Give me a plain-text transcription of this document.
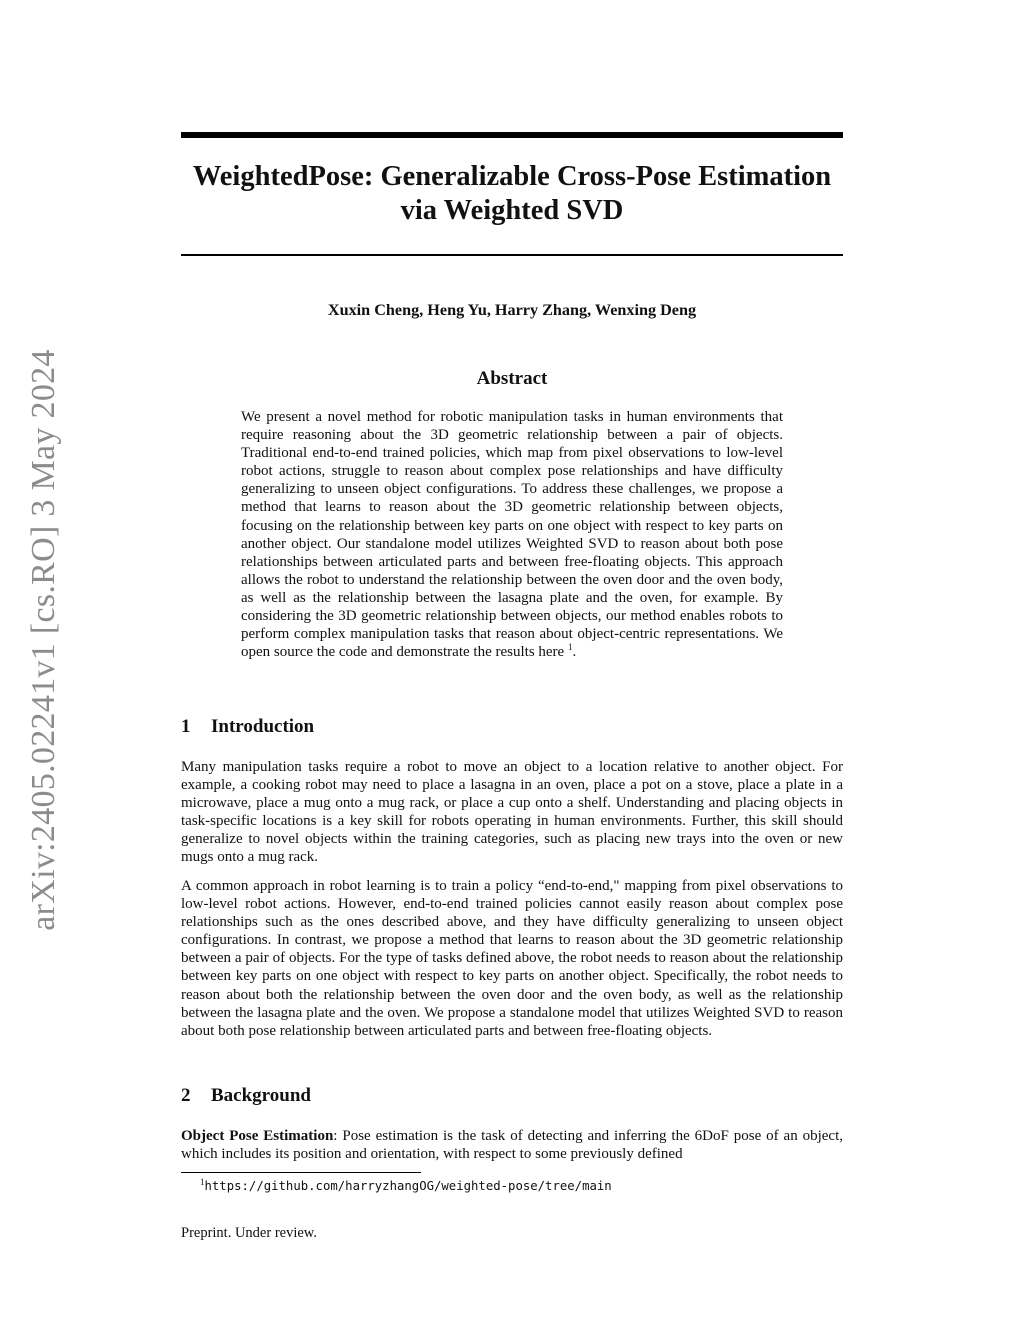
arXiv:2405.02241v1 [cs.RO] 3 May 2024
WeightedPose: Generalizable Cross-Pose Estimation
via Weighted SVD

Xuxin Cheng, Heng Yu, Harry Zhang, Wenxing Deng

Abstract

We present a novel method for robotic manipulation tasks in human environments that require reasoning about the 3D geometric relationship between a pair of objects. Traditional end-to-end trained policies, which map from pixel observations to low-level robot actions, struggle to reason about complex pose relationships and have difficulty generalizing to unseen object configurations. To address these challenges, we propose a method that learns to reason about the 3D geometric relationship between objects, focusing on the relationship between key parts on one object with respect to key parts on another object. Our standalone model utilizes Weighted SVD to reason about both pose relationships between articulated parts and between free-floating objects. This approach allows the robot to understand the relationship between the oven door and the oven body, as well as the relationship between the lasagna plate and the oven, for example. By considering the 3D geometric relationship between objects, our method enables robots to perform complex manipulation tasks that reason about object-centric representations. We open source the code and demonstrate the results here $^1$.

1 Introduction

Many manipulation tasks require a robot to move an object to a location relative to another object. For example, a cooking robot may need to place a lasagna in an oven, place a pot on a stove, place a plate in a microwave, place a mug onto a mug rack, or place a cup onto a shelf. Understanding and placing objects in task-specific locations is a key skill for robots operating in human environments. Further, this skill should generalize to novel objects within the training categories, such as placing new trays into the oven or new mugs onto a mug rack.

A common approach in robot learning is to train a policy “end-to-end," mapping from pixel observations to low-level robot actions. However, end-to-end trained policies cannot easily reason about complex pose relationships such as the ones described above, and they have difficulty generalizing to unseen object configurations. In contrast, we propose a method that learns to reason about the 3D geometric relationship between a pair of objects. For the type of tasks defined above, the robot needs to reason about the relationship between key parts on one object with respect to key parts on another object. Specifically, the robot needs to reason about both the relationship between the oven door and the oven body, as well as the relationship between the lasagna plate and the oven. We propose a standalone model that utilizes Weighted SVD to reason about both pose relationship between articulated parts and between free-floating objects.

2 Background

Object Pose Estimation: Pose estimation is the task of detecting and inferring the 6DoF pose of an object, which includes its position and orientation, with respect to some previously defined

$^1$https://github.com/harryzhangOG/weighted-pose/tree/main

Preprint. Under review.
